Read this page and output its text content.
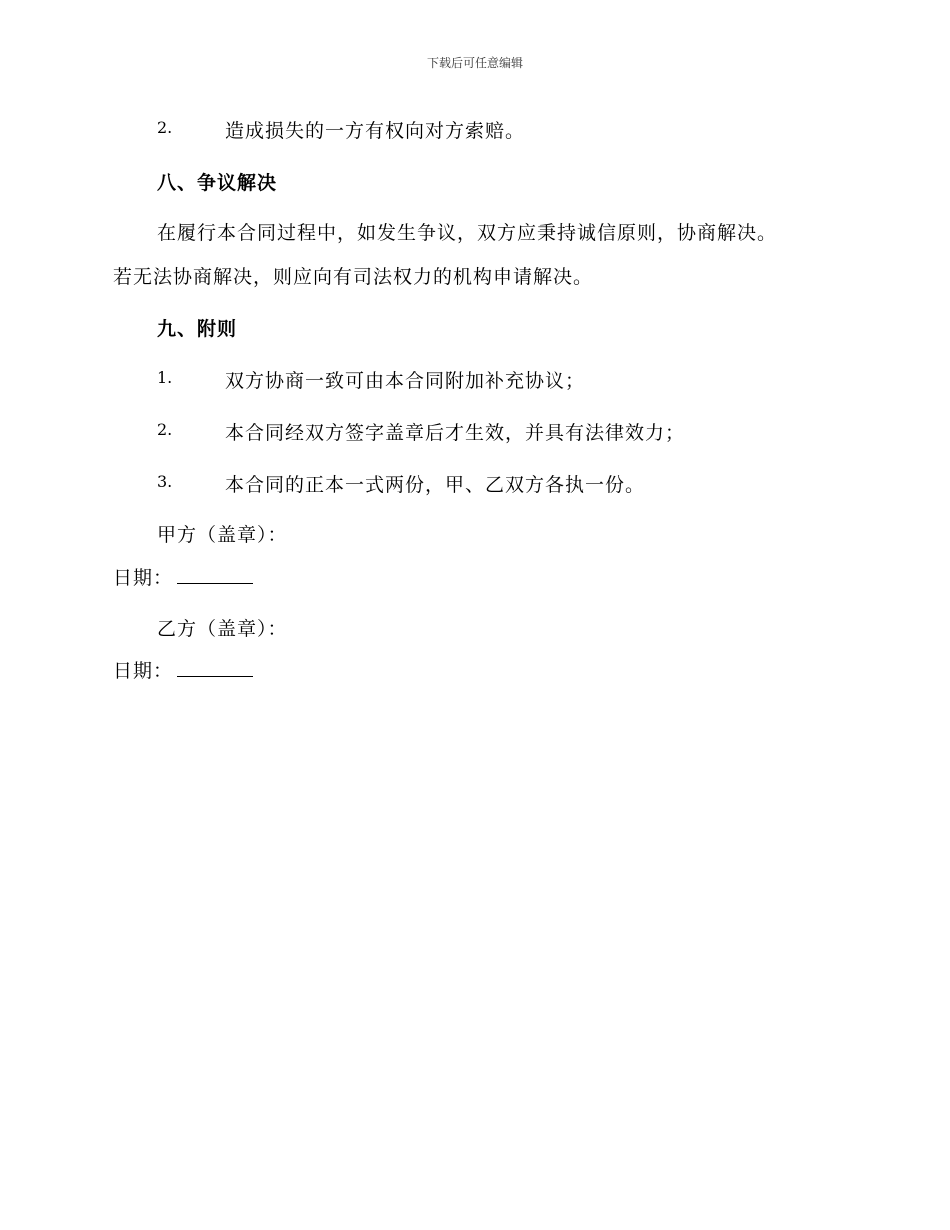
下载后可任意编辑
2.	造成损失的一方有权向对方索赔。
八、争议解决
在履行本合同过程中，如发生争议，双方应秉持诚信原则，协商解决。
若无法协商解决，则应向有司法权力的机构申请解决。
九、附则
1.	双方协商一致可由本合同附加补充协议；
2.	本合同经双方签字盖章后才生效，并具有法律效力；
3.	本合同的正本一式两份，甲、乙双方各执一份。
甲方（盖章）：
日期：
乙方（盖章）：
日期：
